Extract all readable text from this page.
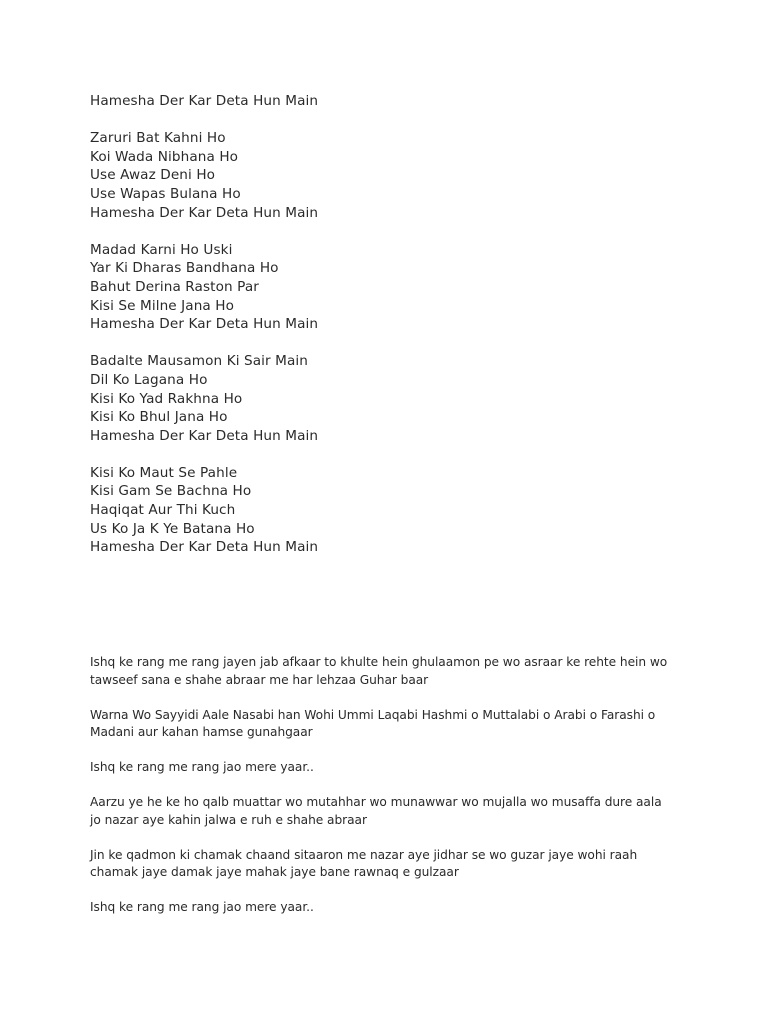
Hamesha Der Kar Deta Hun Main
Zaruri Bat Kahni Ho
Koi Wada Nibhana Ho
Use Awaz Deni Ho
Use Wapas Bulana Ho
Hamesha Der Kar Deta Hun Main
Madad Karni Ho Uski
Yar Ki Dharas Bandhana Ho
Bahut Derina Raston Par
Kisi Se Milne Jana Ho
Hamesha Der Kar Deta Hun Main
Badalte Mausamon Ki Sair Main
Dil Ko Lagana Ho
Kisi Ko Yad Rakhna Ho
Kisi Ko Bhul Jana Ho
Hamesha Der Kar Deta Hun Main
Kisi Ko Maut Se Pahle
Kisi Gam Se Bachna Ho
Haqiqat Aur Thi Kuch
Us Ko Ja K Ye Batana Ho
Hamesha Der Kar Deta Hun Main

Ishq ke rang me rang jayen jab afkaar to khulte hein ghulaamon pe wo asraar ke rehte hein wo tawseef sana e shahe abraar me har lehzaa Guhar baar

Warna Wo Sayyidi Aale Nasabi han Wohi Ummi Laqabi Hashmi o Muttalabi o Arabi o Farashi o Madani aur kahan hamse gunahgaar

Ishq ke rang me rang jao mere yaar..

Aarzu ye he ke ho qalb muattar wo mutahhar wo munawwar wo mujalla wo musaffa dure aala jo nazar aye kahin jalwa e ruh e shahe abraar

Jin ke qadmon ki chamak chaand sitaaron me nazar aye jidhar se wo guzar jaye wohi raah chamak jaye damak jaye mahak jaye bane rawnaq e gulzaar

Ishq ke rang me rang jao mere yaar..
